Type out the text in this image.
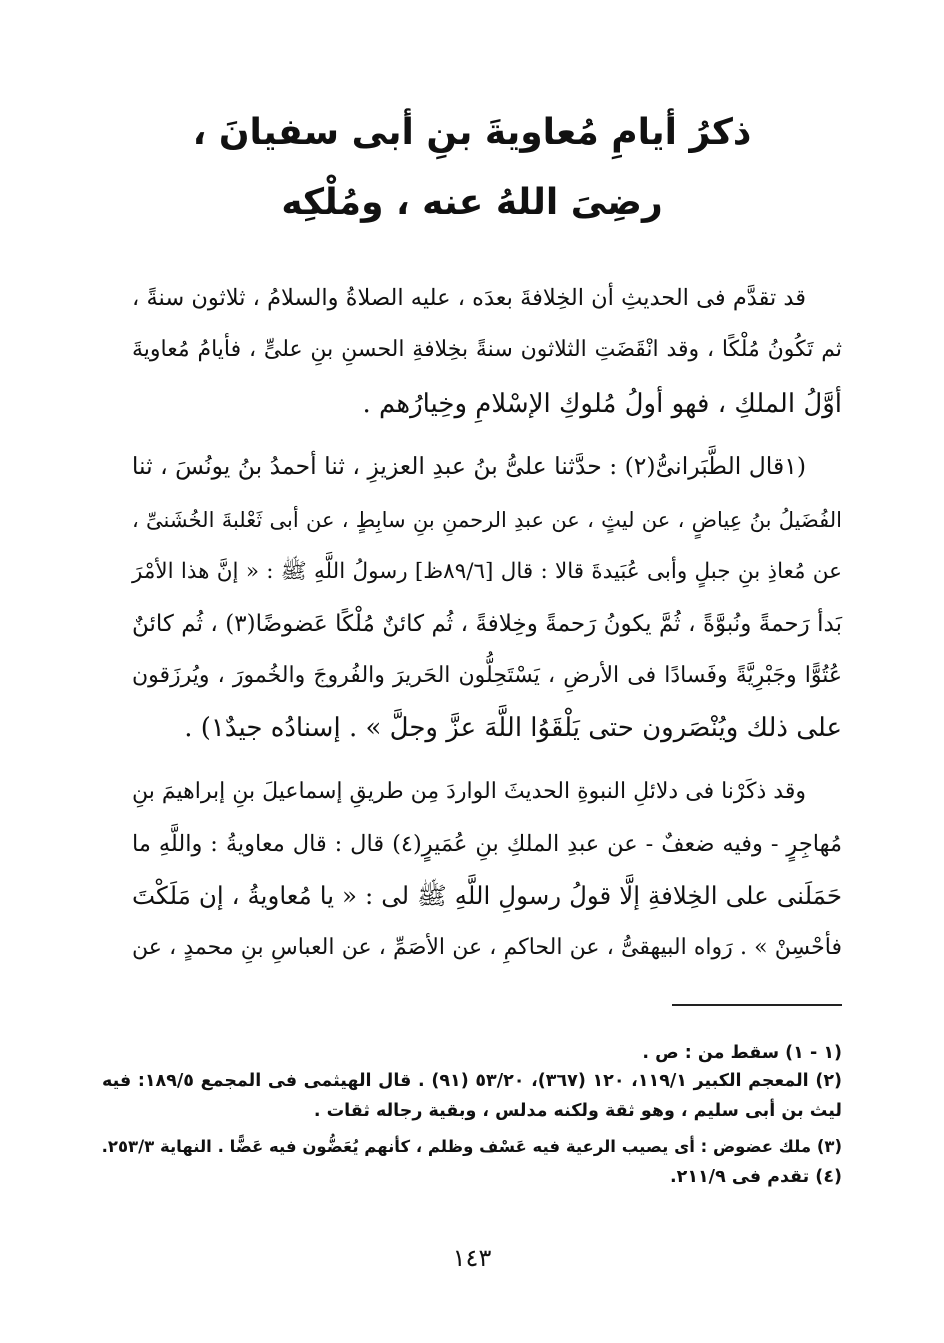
ذكرُ أيامِ مُعاويةَ بنِ أبى سفيانَ ،
رضِىَ اللهُ عنه ، ومُلْكِه
قد تقدَّم فى الحديثِ أن الخِلافةَ بعدَه ، عليه الصلاةُ والسلامُ ، ثلاثون سنةً ،
ثم تَكُونُ مُلْكًا ، وقد انْقَضَتِ الثلاثون سنةً بخِلافةِ الحسنِ بنِ علىٍّ ، فأيامُ مُعاويةَ
أوَّلُ الملكِ ، فهو أولُ مُلوكِ الإسْلامِ وخِيارُهم .
(١قال الطَّبَرانىُّ(٢) : حدَّثنا علىُّ بنُ عبدِ العزيزِ ، ثنا أحمدُ بنُ يونُسَ ، ثنا
الفُضَيلُ بنُ عِياضٍ ، عن ليثٍ ، عن عبدِ الرحمنِ بنِ سابِطٍ ، عن أبى ثَعْلبةَ الخُشَنىِّ ،
عن مُعاذِ بنِ جبلٍ وأبى عُبَيدةَ قالا : قال [٨٩/٦ظ] رسولُ اللَّهِ ﷺ : « إنَّ هذا الأمْرَ
بَدأ رَحمةً ونُبوَّةً ، ثُمَّ يكونُ رَحمةً وخِلافةً ، ثُم كائنٌ مُلْكًا عَضوضًا(٣) ، ثُم كائنٌ
عُتُوًّا وجَبْرِيَّةً وفَسادًا فى الأرضِ ، يَسْتَحِلُّون الحَريرَ والفُروجَ والخُمورَ ، ويُرزَقون
على ذلك ويُنْصَرون حتى يَلْقَوُا اللَّهَ عزَّ وجلَّ » . إسنادُه جيدٌ١) .
وقد ذكَرْنا فى دلائلِ النبوةِ الحديثَ الواردَ مِن طريقِ إسماعيلَ بنِ إبراهيمَ بنِ
مُهاجِرٍ - وفيه ضعفٌ - عن عبدِ الملكِ بنِ عُمَيرٍ(٤) قال : قال معاويةُ : واللَّهِ ما
حَمَلَنى على الخِلافةِ إلَّا قولُ رسولِ اللَّهِ ﷺ لى : « يا مُعاويةُ ، إن مَلَكْتَ
فأحْسِنْ » . رَواه البيهقىُّ ، عن الحاكمِ ، عن الأصَمِّ ، عن العباسِ بنِ محمدٍ ، عن
(١ - ١) سقط من : ص .
(٢) المعجم الكبير ١١٩/١، ١٢٠ (٣٦٧)، ٥٣/٢٠ (٩١) . قال الهيثمى فى المجمع ١٨٩/٥: فيه
ليث بن أبى سليم ، وهو ثقة ولكنه مدلس ، وبقية رجاله ثقات .
(٣) ملك عضوض : أى يصيب الرعية فيه عَسْف وظلم ، كأنهم يُعَضُّون فيه عَضًّا . النهاية ٢٥٣/٣.
(٤) تقدم فى ٢١١/٩.
١٤٣
